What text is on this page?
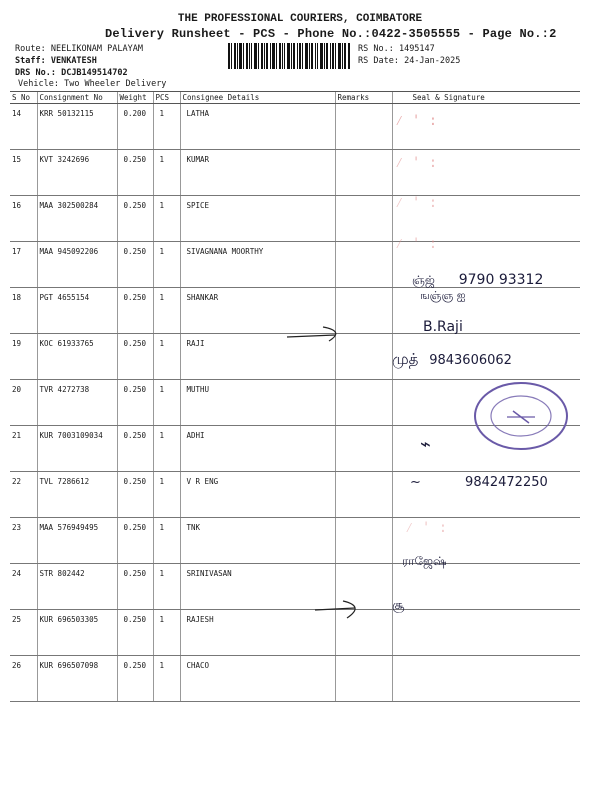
THE PROFESSIONAL COURIERS, COIMBATORE
Delivery Runsheet - PCS - Phone No.:0422-3505555 - Page No.:2
Route: NEELIKONAM PALAYAM
Staff: VENKATESH
DRS No.: DCJB149514702
Vehicle: Two Wheeler Delivery
RS No.: 1495147
RS Date: 24-Jan-2025
S No	Consignment No	Weight	PCS	Consignee Details	Remarks	Seal & Signature
14	KRR 50132115	0.200	1	LATHA		
15	KVT 3242696	0.250	1	KUMAR		
16	MAA 302500284	0.250	1	SPICE		
17	MAA 945092206	0.250	1	SIVAGNANA MOORTHY		
18	PGT 4655154	0.250	1	SHANKAR		
19	KOC 61933765	0.250	1	RAJI		
20	TVR 4272738	0.250	1	MUTHU		
21	KUR 7003109034	0.250	1	ADHI		
22	TVL 7286612	0.250	1	V R ENG		
23	MAA 576949495	0.250	1	TNK		
24	STR 802442	0.250	1	SRINIVASAN		
25	KUR 696503305	0.250	1	RAJESH		
26	KUR 696507098	0.250	1	CHACO		
ஞ்ஜ் 9790 93312
ஙஞ்ஞ ஐ
B.Raji
முத் 9843606062
⌁
~	9842472250
ராஜேஷ்
சூ
⁄ ' :
⁄ ' :
⁄ ' :
⁄ ' :
⁄ ' :
